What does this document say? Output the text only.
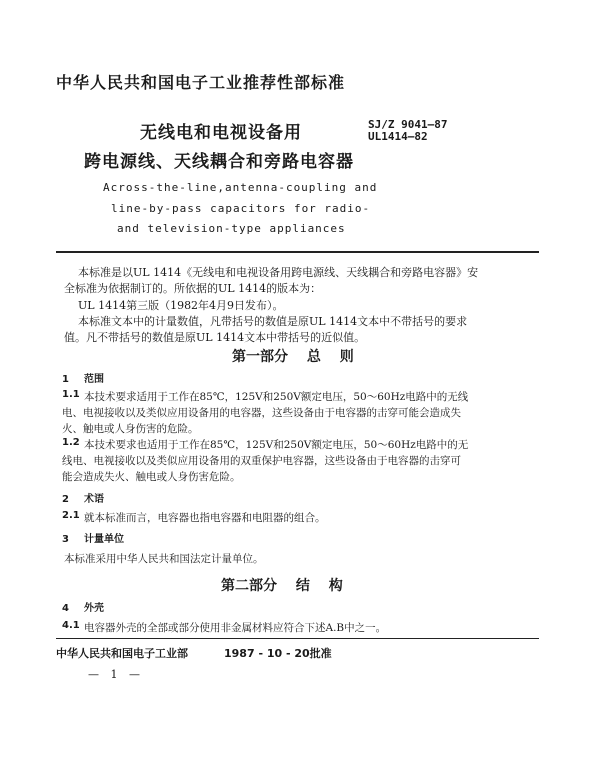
中华人民共和国电子工业推荐性部标准
无线电和电视设备用
跨电源线、天线耦合和旁路电容器
SJ/Z 9041—87
UL1414—82
Across-the-line,antenna-coupling and
line-by-pass capacitors for radio-
and television-type appliances
本标准是以UL 1414《无线电和电视设备用跨电源线、天线耦合和旁路电容器》安
全标准为依据制订的。所依据的UL 1414的版本为：
UL 1414第三版（1982年4月9日发布）。
本标准文本中的计量数值，凡带括号的数值是原UL 1414文本中不带括号的要求
值。凡不带括号的数值是原UL 1414文本中带括号的近似值。
第一部分 总 则
1 范围
1.1 本技术要求适用于工作在85℃，125V和250V额定电压，50～60Hz电路中的无线
电、电视接收以及类似应用设备用的电容器，这些设备由于电容器的击穿可能会造成失
火、触电或人身伤害的危险。
1.2 本技术要求也适用于工作在85℃，125V和250V额定电压，50～60Hz电路中的无
线电、电视接收以及类似应用设备用的双重保护电容器，这些设备由于电容器的击穿可
能会造成失火、触电或人身伤害危险。
2 术语
2.1 就本标准而言，电容器也指电容器和电阻器的组合。
3 计量单位
本标准采用中华人民共和国法定计量单位。
第二部分 结 构
4 外壳
4.1 电容器外壳的全部或部分使用非金属材料应符合下述A.B中之一。
中华人民共和国电子工业部	1987 - 10 - 20批准
— 1 —
